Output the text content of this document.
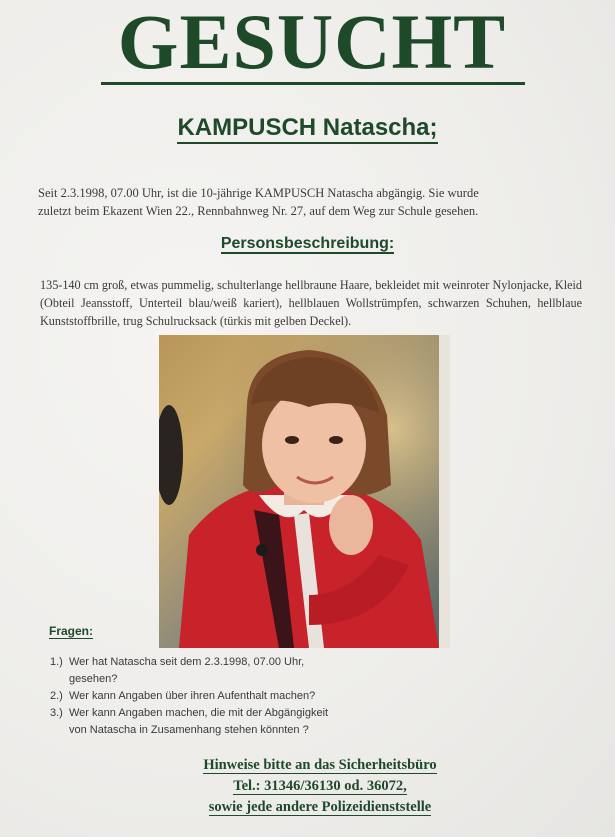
GESUCHT
KAMPUSCH Natascha;

Seit 2.3.1998, 07.00 Uhr, ist die 10-jährige KAMPUSCH Natascha abgängig. Sie wurde

zuletzt beim Ekazent Wien 22., Rennbahnweg Nr. 27, auf dem Weg zur Schule gesehen.

Personsbeschreibung:
135-140 cm groß, etwas pummelig, schulterlange hellbraune Haare, bekleidet mit weinroter Nylonjacke, Kleid (Obteil Jeansstoff, Unterteil blau/weiß kariert), hellblauen Wollstrümpfen, schwarzen Schuhen, hellblaue Kunststoffbrille, trug Schulrucksack (türkis mit gelben Deckel).
Fragen:
1.) Wer hat Natascha seit dem 2.3.1998, 07.00 Uhr,
gesehen?
2.) Wer kann Angaben über ihren Aufenthalt machen?
3.) Wer kann Angaben machen, die mit der Abgängigkeit
von Natascha in Zusamenhang stehen könnten ?
Hinweise bitte an das Sicherheitsbüro
Tel.: 31346/36130 od. 36072,
sowie jede andere Polizeidienststelle
